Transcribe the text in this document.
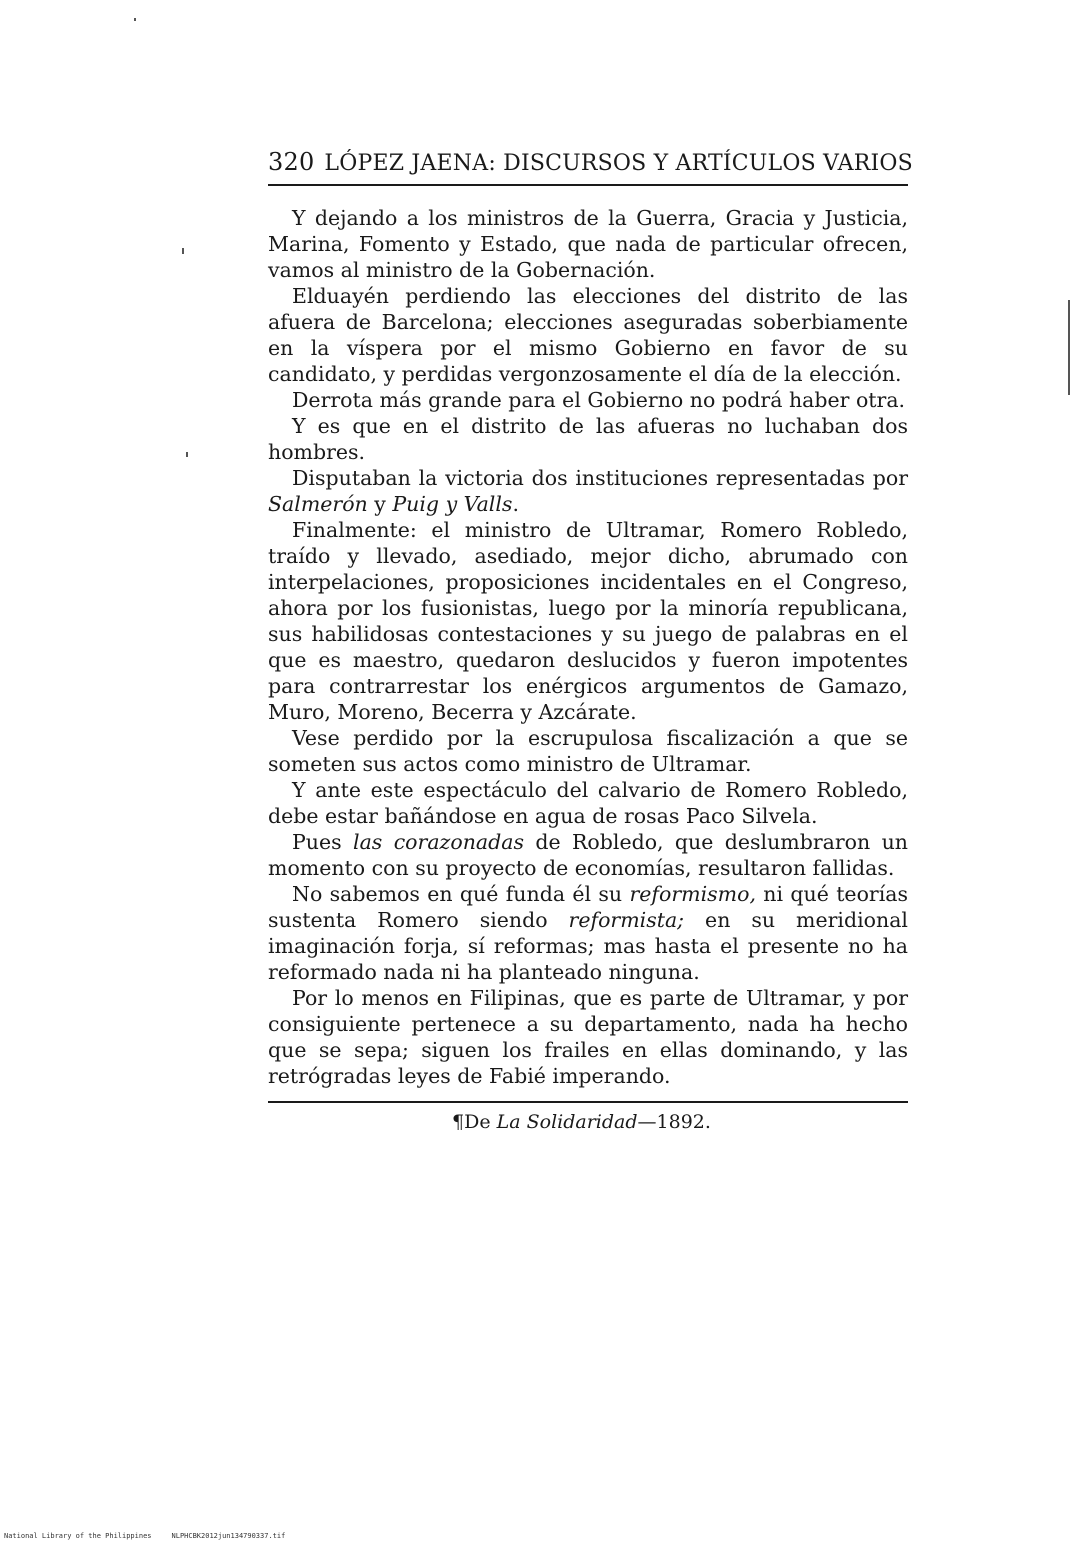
320 LÓPEZ JAENA: DISCURSOS Y ARTÍCULOS VARIOS

Y dejando a los ministros de la Guerra, Gracia y Justicia, Marina, Fomento y Estado, que nada de particular ofrecen, vamos al ministro de la Gobernación.

Elduayén perdiendo las elecciones del distrito de las afuera de Barcelona; elecciones aseguradas soberbiamente en la víspera por el mismo Gobierno en favor de su candidato, y perdidas vergonzosamente el día de la elección.

Derrota más grande para el Gobierno no podrá haber otra.

Y es que en el distrito de las afueras no luchaban dos hombres.

Disputaban la victoria dos instituciones representadas por Salmerón y Puig y Valls.

Finalmente: el ministro de Ultramar, Romero Robledo, traído y llevado, asediado, mejor dicho, abrumado con interpelaciones, proposiciones incidentales en el Congreso, ahora por los fusionistas, luego por la minoría republicana, sus habilidosas contestaciones y su juego de palabras en el que es maestro, quedaron deslucidos y fueron impotentes para contrarrestar los enérgicos argumentos de Gamazo, Muro, Moreno, Becerra y Azcárate.

Vese perdido por la escrupulosa fiscalización a que se someten sus actos como ministro de Ultramar.

Y ante este espectáculo del calvario de Romero Robledo, debe estar bañándose en agua de rosas Paco Silvela.

Pues las corazonadas de Robledo, que deslumbraron un momento con su proyecto de economías, resultaron fallidas.

No sabemos en qué funda él su reformismo, ni qué teorías sustenta Romero siendo reformista; en su meridional imaginación forja, sí reformas; mas hasta el presente no ha reformado nada ni ha planteado ninguna.

Por lo menos en Filipinas, que es parte de Ultramar, y por consiguiente pertenece a su departamento, nada ha hecho que se sepa; siguen los frailes en ellas dominando, y las retrógradas leyes de Fabié imperando.

¶De La Solidaridad—1892.
National Library of the Philippines	NLPHCBK2012jun134790337.tif
